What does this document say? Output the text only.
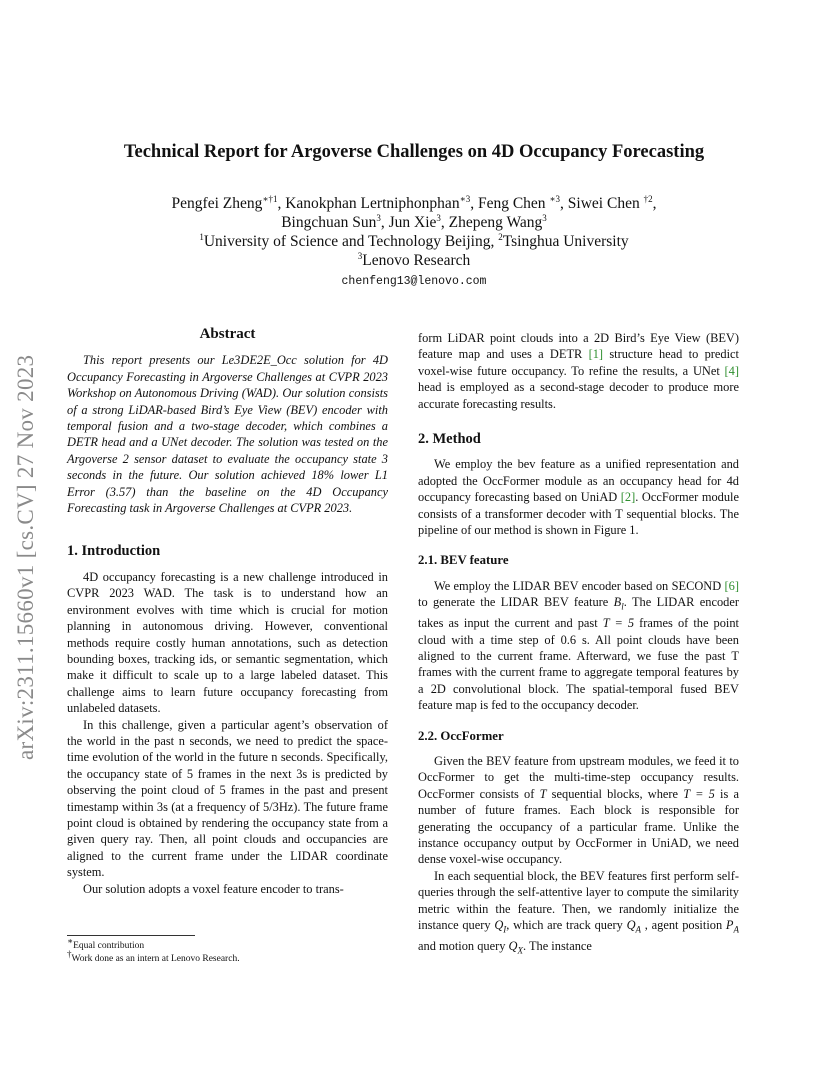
arXiv:2311.15660v1 [cs.CV] 27 Nov 2023
Technical Report for Argoverse Challenges on 4D Occupancy Forecasting
Pengfei Zheng$^{∗\dagger 1}$, Kanokphan Lertniphonphan$^{∗3}$, Feng Chen $^{∗3}$, Siwei Chen $^{\dagger 2}$,
Bingchuan Sun$^3$, Jun Xie$^3$, Zhepeng Wang$^3$
$^1$University of Science and Technology Beijing, $^2$Tsinghua University
$^3$Lenovo Research
chenfeng13@lenovo.com
Abstract

This report presents our Le3DE2E_Occ solution for 4D Occupancy Forecasting in Argoverse Challenges at CVPR 2023 Workshop on Autonomous Driving (WAD). Our solution consists of a strong LiDAR-based Bird’s Eye View (BEV) encoder with temporal fusion and a two-stage decoder, which combines a DETR head and a UNet decoder. The solution was tested on the Argoverse 2 sensor dataset to evaluate the occupancy state 3 seconds in the future. Our solution achieved 18% lower L1 Error (3.57) than the baseline on the 4D Occupancy Forecasting task in Argoverse Challenges at CVPR 2023.

1. Introduction

4D occupancy forecasting is a new challenge introduced in CVPR 2023 WAD. The task is to understand how an environment evolves with time which is crucial for motion planning in autonomous driving. However, conventional methods require costly human annotations, such as detection bounding boxes, tracking ids, or semantic segmentation, which make it difficult to scale up to a large labeled dataset. This challenge aims to learn future occupancy forecasting from unlabeled datasets.

In this challenge, given a particular agent’s observation of the world in the past n seconds, we need to predict the space-time evolution of the world in the future n seconds. Specifically, the occupancy state of 5 frames in the next 3s is predicted by observing the point cloud of 5 frames in the past and present timestamp within 3s (at a frequency of 5/3Hz). The future frame point cloud is obtained by rendering the occupancy state from a given query ray. Then, all point clouds and occupancies are aligned to the current frame under the LIDAR coordinate system.

Our solution adopts a voxel feature encoder to trans-

∗Equal contribution
†Work done as an intern at Lenovo Research.

form LiDAR point clouds into a 2D Bird’s Eye View (BEV) feature map and uses a DETR [1] structure head to predict voxel-wise future occupancy. To refine the results, a UNet [4] head is employed as a second-stage decoder to produce more accurate forecasting results.

2. Method

We employ the bev feature as a unified representation and adopted the OccFormer module as an occupancy head for 4d occupancy forecasting based on UniAD [2]. OccFormer module consists of a transformer decoder with T sequential blocks. The pipeline of our method is shown in Figure 1.

2.1. BEV feature

We employ the LIDAR BEV encoder based on SECOND [6] to generate the LIDAR BEV feature $B_l$. The LIDAR encoder takes as input the current and past T = 5 frames of the point cloud with a time step of 0.6 s. All point clouds have been aligned to the current frame. Afterward, we fuse the past T frames with the current frame to aggregate temporal features by a 2D convolutional block. The spatial-temporal fused BEV feature map is fed to the occupancy decoder.

2.2. OccFormer

Given the BEV feature from upstream modules, we feed it to OccFormer to get the multi-time-step occupancy results. OccFormer consists of T sequential blocks, where T = 5 is a number of future frames. Each block is responsible for generating the occupancy of a particular frame. Unlike the instance occupancy output by OccFormer in UniAD, we need dense voxel-wise occupancy.

In each sequential block, the BEV features first perform self-queries through the self-attentive layer to compute the similarity metric within the feature. Then, we randomly initialize the instance query $Q_I$, which are track query $Q_A$ , agent position $P_A$ and motion query $Q_X$. The instance
